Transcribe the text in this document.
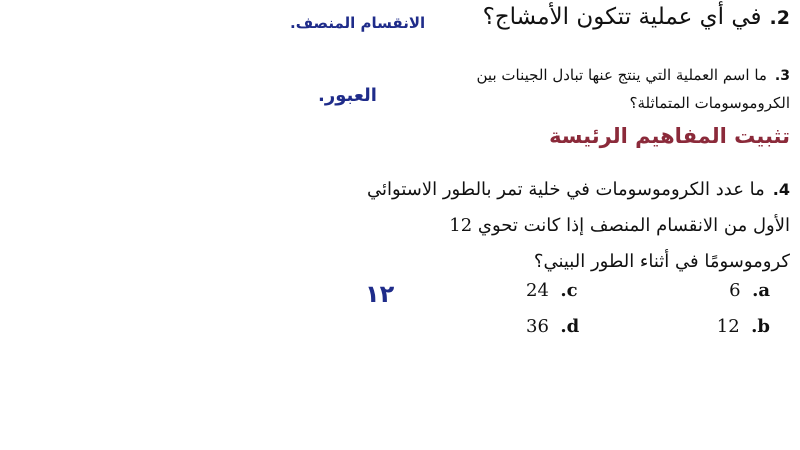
2.في أي عملية تتكون الأمشاج؟
الانقسام المنصف.
3.ما اسم العملية التي ينتج عنها تبادل الجينات بين
الكروموسومات المتماثلة؟
العبور.
تثبيت المفاهيم الرئيسة
4.ما عدد الكروموسومات في خلية تمر بالطور الاستوائي
الأول من الانقسام المنصف إذا كانت تحوي 12
كروموسومًا في أثناء الطور البيني؟
6 .a
12 .b
24 .c
36 .d
١٢
